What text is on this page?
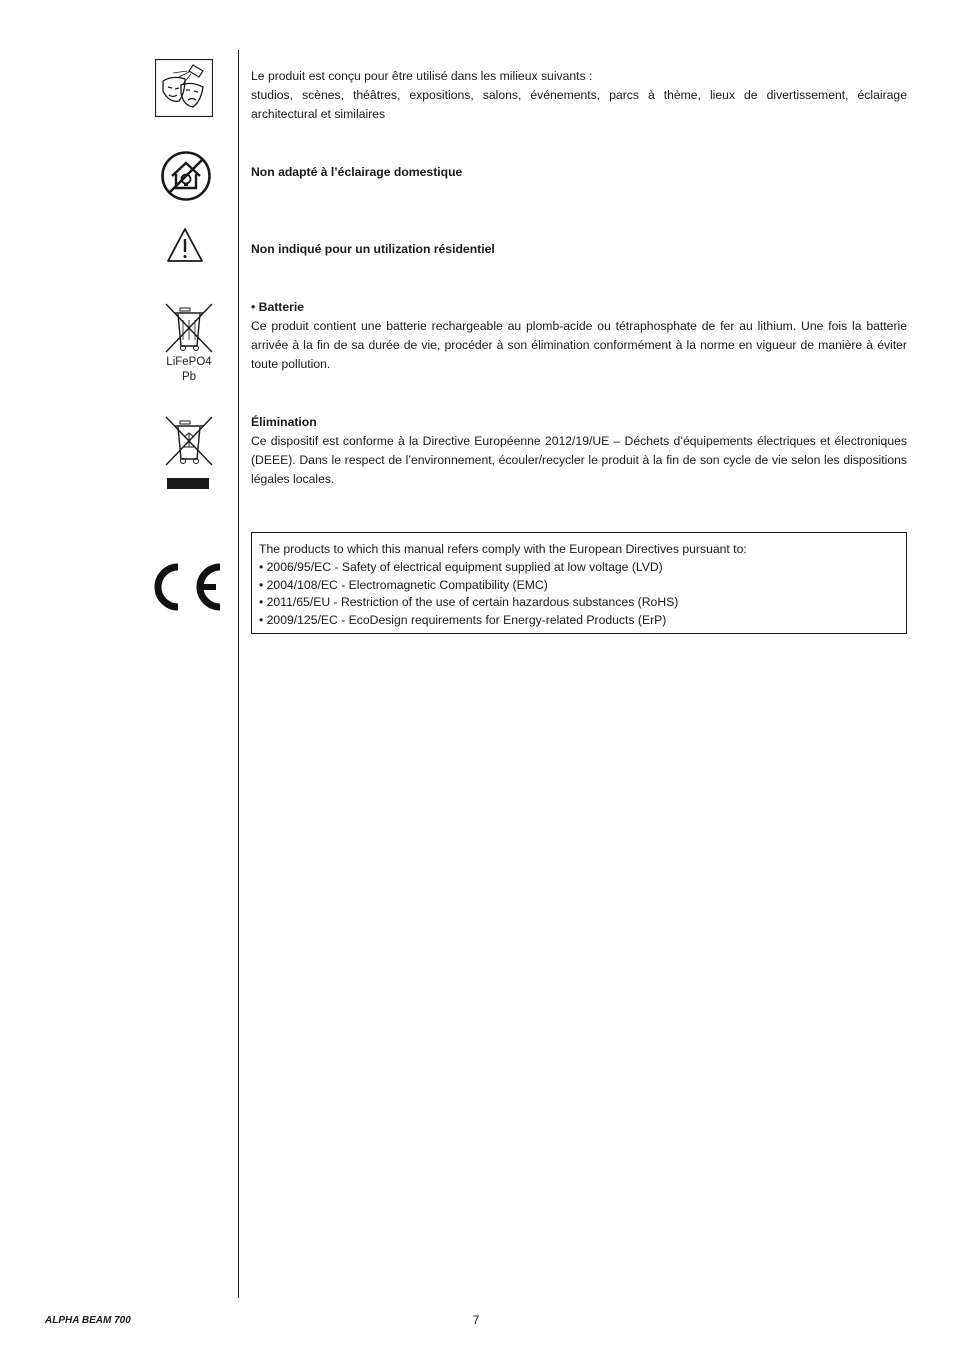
Le produit est conçu pour être utilisé dans les milieux suivants :

studios, scènes, théâtres, expositions, salons, événements, parcs à thème, lieux de divertissement, éclairage architectural et similaires

Non adapté à l’éclairage domestique
Non indiqué pour un utilization résidentiel
LiFePO4
Pb

• Batterie

Ce produit contient une batterie rechargeable au plomb-acide ou tétraphosphate de fer au lithium. Une fois la batterie arrivée à la fin de sa durée de vie, procéder à son élimination conformément à la norme en vigueur de manière à éviter toute pollution.

Élimination

Ce dispositif est conforme à la Directive Européenne 2012/19/UE – Déchets d’équipements électriques et électroniques (DEEE). Dans le respect de l’environnement, écouler/recycler le produit à la fin de son cycle de vie selon les dispositions légales locales.

The products to which this manual refers comply with the European Directives pursuant to:
• 2006/95/EC - Safety of electrical equipment supplied at low voltage (LVD)
• 2004/108/EC - Electromagnetic Compatibility (EMC)
• 2011/65/EU - Restriction of the use of certain hazardous substances (RoHS)
• 2009/125/EC - EcoDesign requirements for Energy-related Products (ErP)
ALPHA BEAM 700	7
